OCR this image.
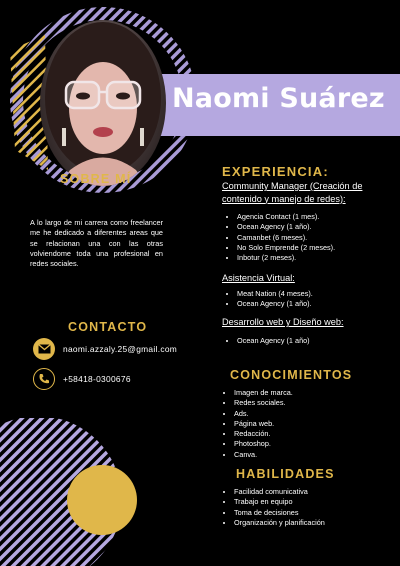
Naomi Suárez
SOBRE MÍ
A lo largo de mi carrera como freelancer me he dedicado a diferentes areas que se relacionan una con las otras volviendome toda una profesional en redes sociales.
CONTACTO
naomi.azzaly.25@gmail.com
+58418-0300676
EXPERIENCIA:
Community Manager (Creación de contenido y manejo de redes):
• Agencia Contact (1 mes).
• Ocean Agency (1 año).
• Camanbet (6 meses).
• No Solo Emprende (2 meses).
• Inbotur (2 meses).
Asistencia Virtual:
• Meat Nation (4 meses).
• Ocean Agency (1 año).
Desarrollo web y Diseño web:
• Ocean Agency (1 año)
CONOCIMIENTOS
• Imagen de marca.
• Redes sociales.
• Ads.
• Página web.
• Redacción.
• Photoshop.
• Canva.
HABILIDADES
• Facilidad comunicativa
• Trabajo en equipo
• Toma de decisiones
• Organización y planificación
